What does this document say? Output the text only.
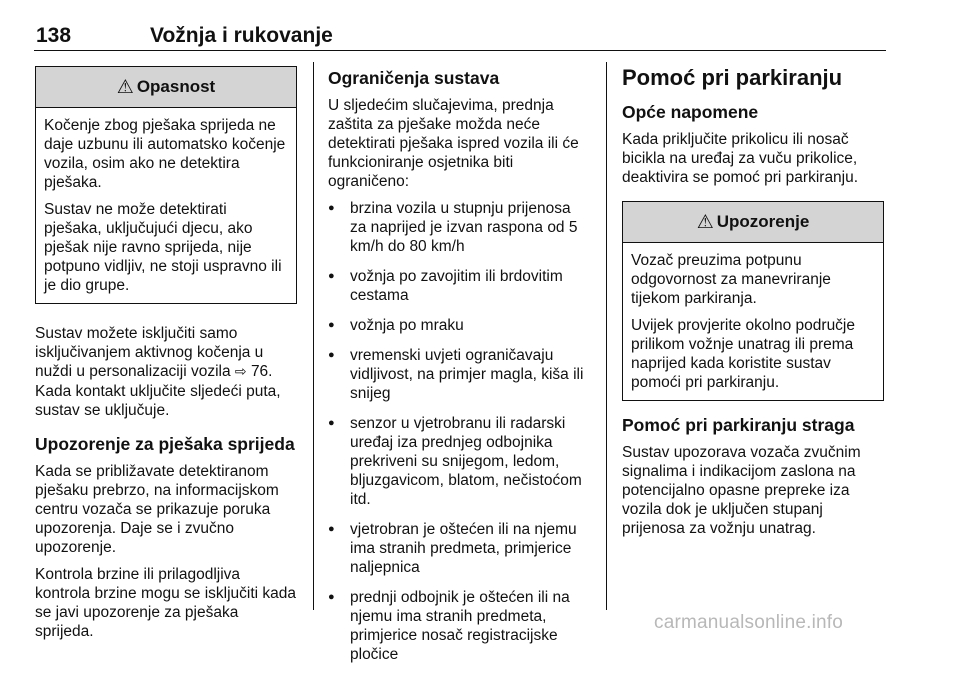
138	Vožnja i rukovanje
⚠ Opasnost

Kočenje zbog pješaka sprijeda ne daje uzbunu ili automatsko kočenje vozila, osim ako ne detektira pješaka.

Sustav ne može detektirati pješaka, uključujući djecu, ako pješak nije ravno sprijeda, nije potpuno vidljiv, ne stoji uspravno ili je dio grupe.

Sustav možete isključiti samo isključivanjem aktivnog kočenja u nuždi u personalizaciji vozila ⇨ 76. Kada kontakt uključite sljedeći puta, sustav se uključuje.

Upozorenje za pješaka sprijeda

Kada se približavate detektiranom pješaku prebrzo, na informacijskom centru vozača se prikazuje poruka upozorenja. Daje se i zvučno upozorenje.

Kontrola brzine ili prilagodljiva kontrola brzine mogu se isključiti kada se javi upozorenje za pješaka sprijeda.

Ograničenja sustava

U sljedećim slučajevima, prednja zaštita za pješake možda neće detektirati pješaka ispred vozila ili će funkcioniranje osjetnika biti ograničeno:

● brzina vozila u stupnju prijenosa za naprijed je izvan raspona od 5 km/h do 80 km/h
● vožnja po zavojitim ili brdovitim cestama
● vožnja po mraku
● vremenski uvjeti ograničavaju vidljivost, na primjer magla, kiša ili snijeg
● senzor u vjetrobranu ili radarski uređaj iza prednjeg odbojnika prekriveni su snijegom, ledom, bljuzgavicom, blatom, nečistoćom itd.
● vjetrobran je oštećen ili na njemu ima stranih predmeta, primjerice naljepnica
● prednji odbojnik je oštećen ili na njemu ima stranih predmeta, primjerice nosač registracijske pločice
Pomoć pri parkiranju
Opće napomene

Kada priključite prikolicu ili nosač bicikla na uređaj za vuču prikolice, deaktivira se pomoć pri parkiranju.

⚠ Upozorenje

Vozač preuzima potpunu odgovornost za manevriranje tijekom parkiranja.

Uvijek provjerite okolno područje prilikom vožnje unatrag ili prema naprijed kada koristite sustav pomoći pri parkiranju.

Pomoć pri parkiranju straga

Sustav upozorava vozača zvučnim signalima i indikacijom zaslona na potencijalno opasne prepreke iza vozila dok je uključen stupanj prijenosa za vožnju unatrag.

carmanualsonline.info
